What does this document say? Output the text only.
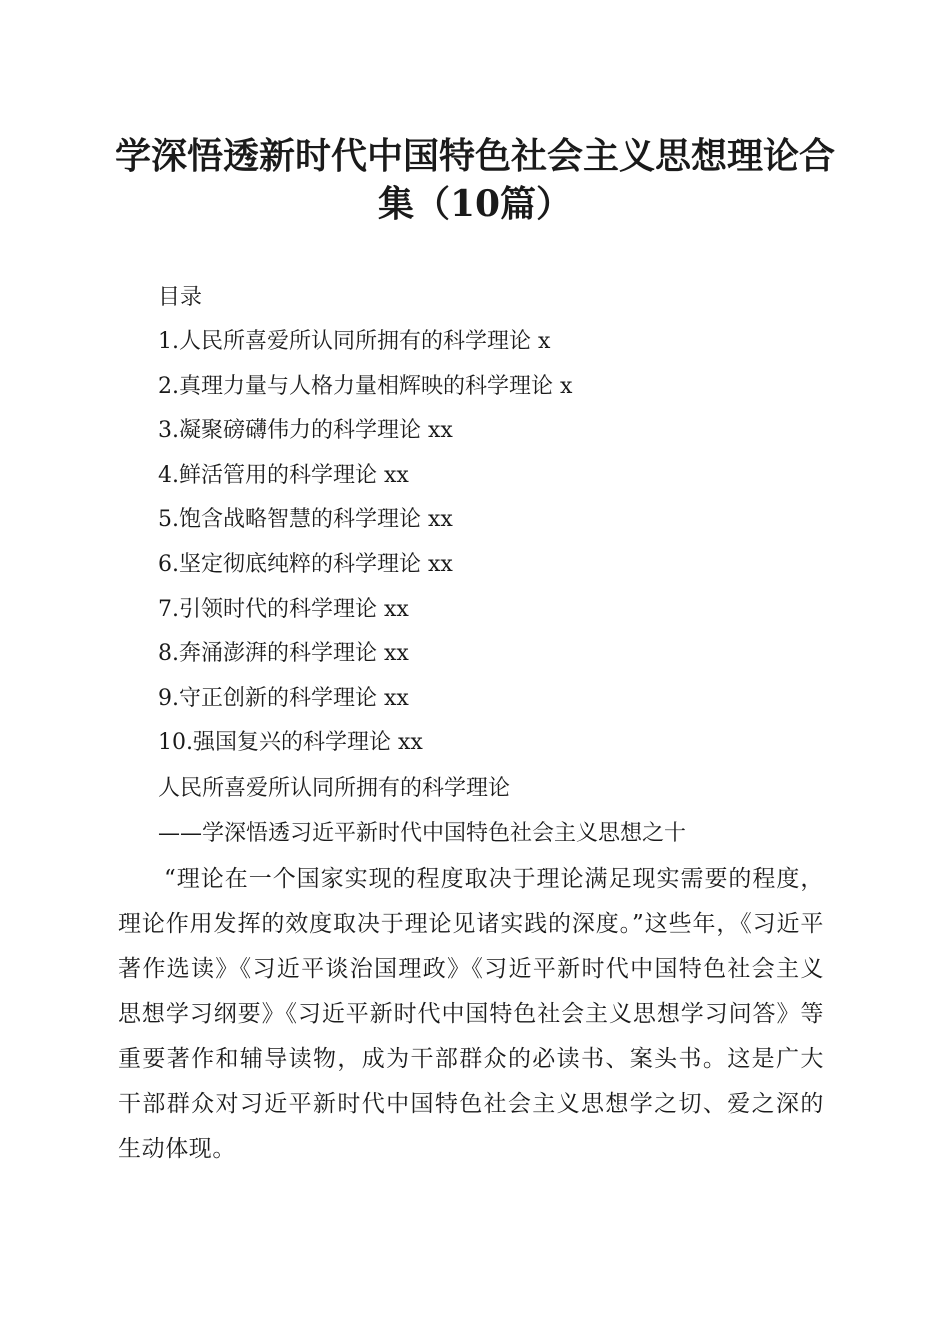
学深悟透新时代中国特色社会主义思想理论合集（10篇）

目录

1.人民所喜爱所认同所拥有的科学理论 x
2.真理力量与人格力量相辉映的科学理论 x
3.凝聚磅礴伟力的科学理论 xx
4.鲜活管用的科学理论 xx
5.饱含战略智慧的科学理论 xx
6.坚定彻底纯粹的科学理论 xx
7.引领时代的科学理论 xx
8.奔涌澎湃的科学理论 xx
9.守正创新的科学理论 xx
10.强国复兴的科学理论 xx

人民所喜爱所认同所拥有的科学理论

——学深悟透习近平新时代中国特色社会主义思想之十

“理论在一个国家实现的程度取决于理论满足现实需要的程度，理论作用发挥的效度取决于理论见诸实践的深度。”这些年，《习近平著作选读》《习近平谈治国理政》《习近平新时代中国特色社会主义思想学习纲要》《习近平新时代中国特色社会主义思想学习问答》等重要著作和辅导读物，成为干部群众的必读书、案头书。这是广大干部群众对习近平新时代中国特色社会主义思想学之切、爱之深的生动体现。
